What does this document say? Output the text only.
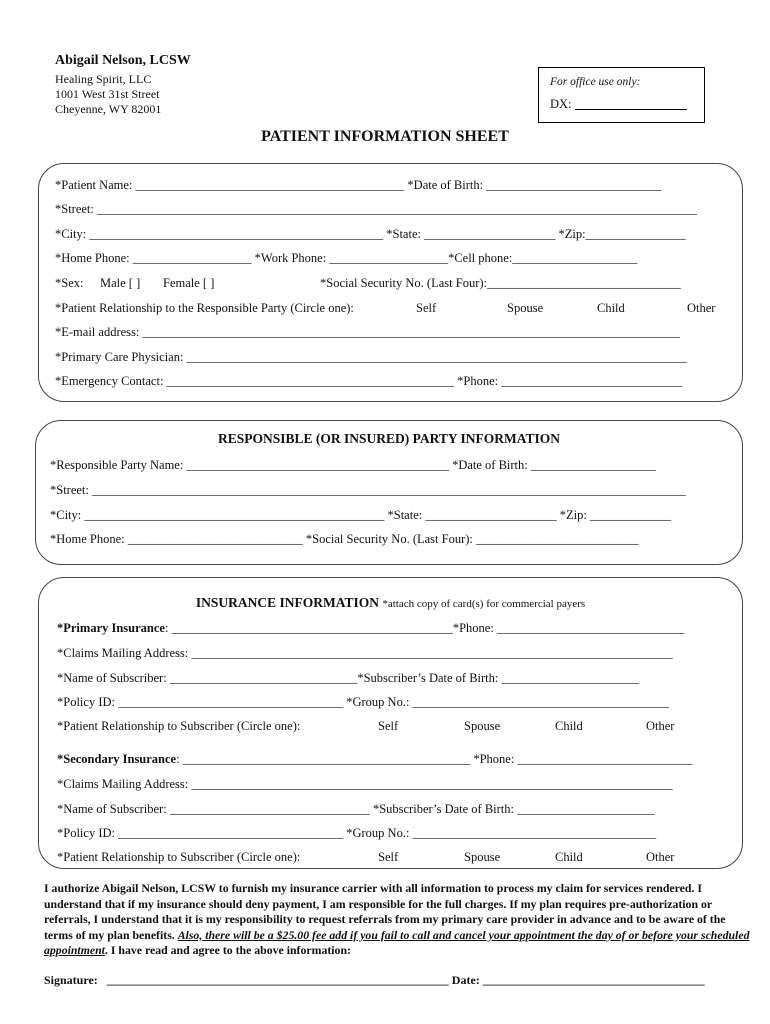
Abigail Nelson, LCSW
Healing Spirit, LLC
1001 West 31st Street
Cheyenne, WY 82001
For office use only:
DX:
PATIENT INFORMATION SHEET
*Patient Name: ___________________________________________ *Date of Birth: ____________________________
*Street: ________________________________________________________________________________________________
*City: _______________________________________________ *State: _____________________ *Zip:________________
*Home Phone: ___________________ *Work Phone: ___________________*Cell phone:____________________
*Sex: Male [ ] Female [ ]	*Social Security No. (Last Four):_______________________________
*Patient Relationship to the Responsible Party (Circle one):	Self	Spouse	Child	Other
*E-mail address: ______________________________________________________________________________________
*Primary Care Physician: ________________________________________________________________________________
*Emergency Contact: ______________________________________________ *Phone: _____________________________
RESPONSIBLE (OR INSURED) PARTY INFORMATION
*Responsible Party Name: __________________________________________ *Date of Birth: ____________________
*Street: _______________________________________________________________________________________________
*City: ________________________________________________ *State: _____________________ *Zip: _____________
*Home Phone: ____________________________ *Social Security No. (Last Four): __________________________
INSURANCE INFORMATION *attach copy of card(s) for commercial payers
*Primary Insurance: _____________________________________________*Phone: ______________________________
*Claims Mailing Address: _____________________________________________________________________________
*Name of Subscriber: ______________________________*Subscriber’s Date of Birth: ______________________
*Policy ID: ____________________________________ *Group No.: _________________________________________
*Patient Relationship to Subscriber (Circle one):	Self	Spouse	Child	Other
*Secondary Insurance: ______________________________________________ *Phone: ____________________________
*Claims Mailing Address: _____________________________________________________________________________
*Name of Subscriber: ________________________________ *Subscriber’s Date of Birth: ______________________
*Policy ID: ____________________________________ *Group No.: _______________________________________
*Patient Relationship to Subscriber (Circle one):	Self	Spouse	Child	Other
I authorize Abigail Nelson, LCSW to furnish my insurance carrier with all information to process my claim for services rendered. I understand that if my insurance should deny payment, I am responsible for the full charges. If my plan requires pre-authorization or referrals, I understand that it is my responsibility to request referrals from my primary care provider in advance and to be aware of the terms of my plan benefits. Also, there will be a $25.00 fee add if you fail to call and cancel your appointment the day of or before your scheduled appointment. I have read and agree to the above information:
Signature: _________________________________________________________ Date: _____________________________________
